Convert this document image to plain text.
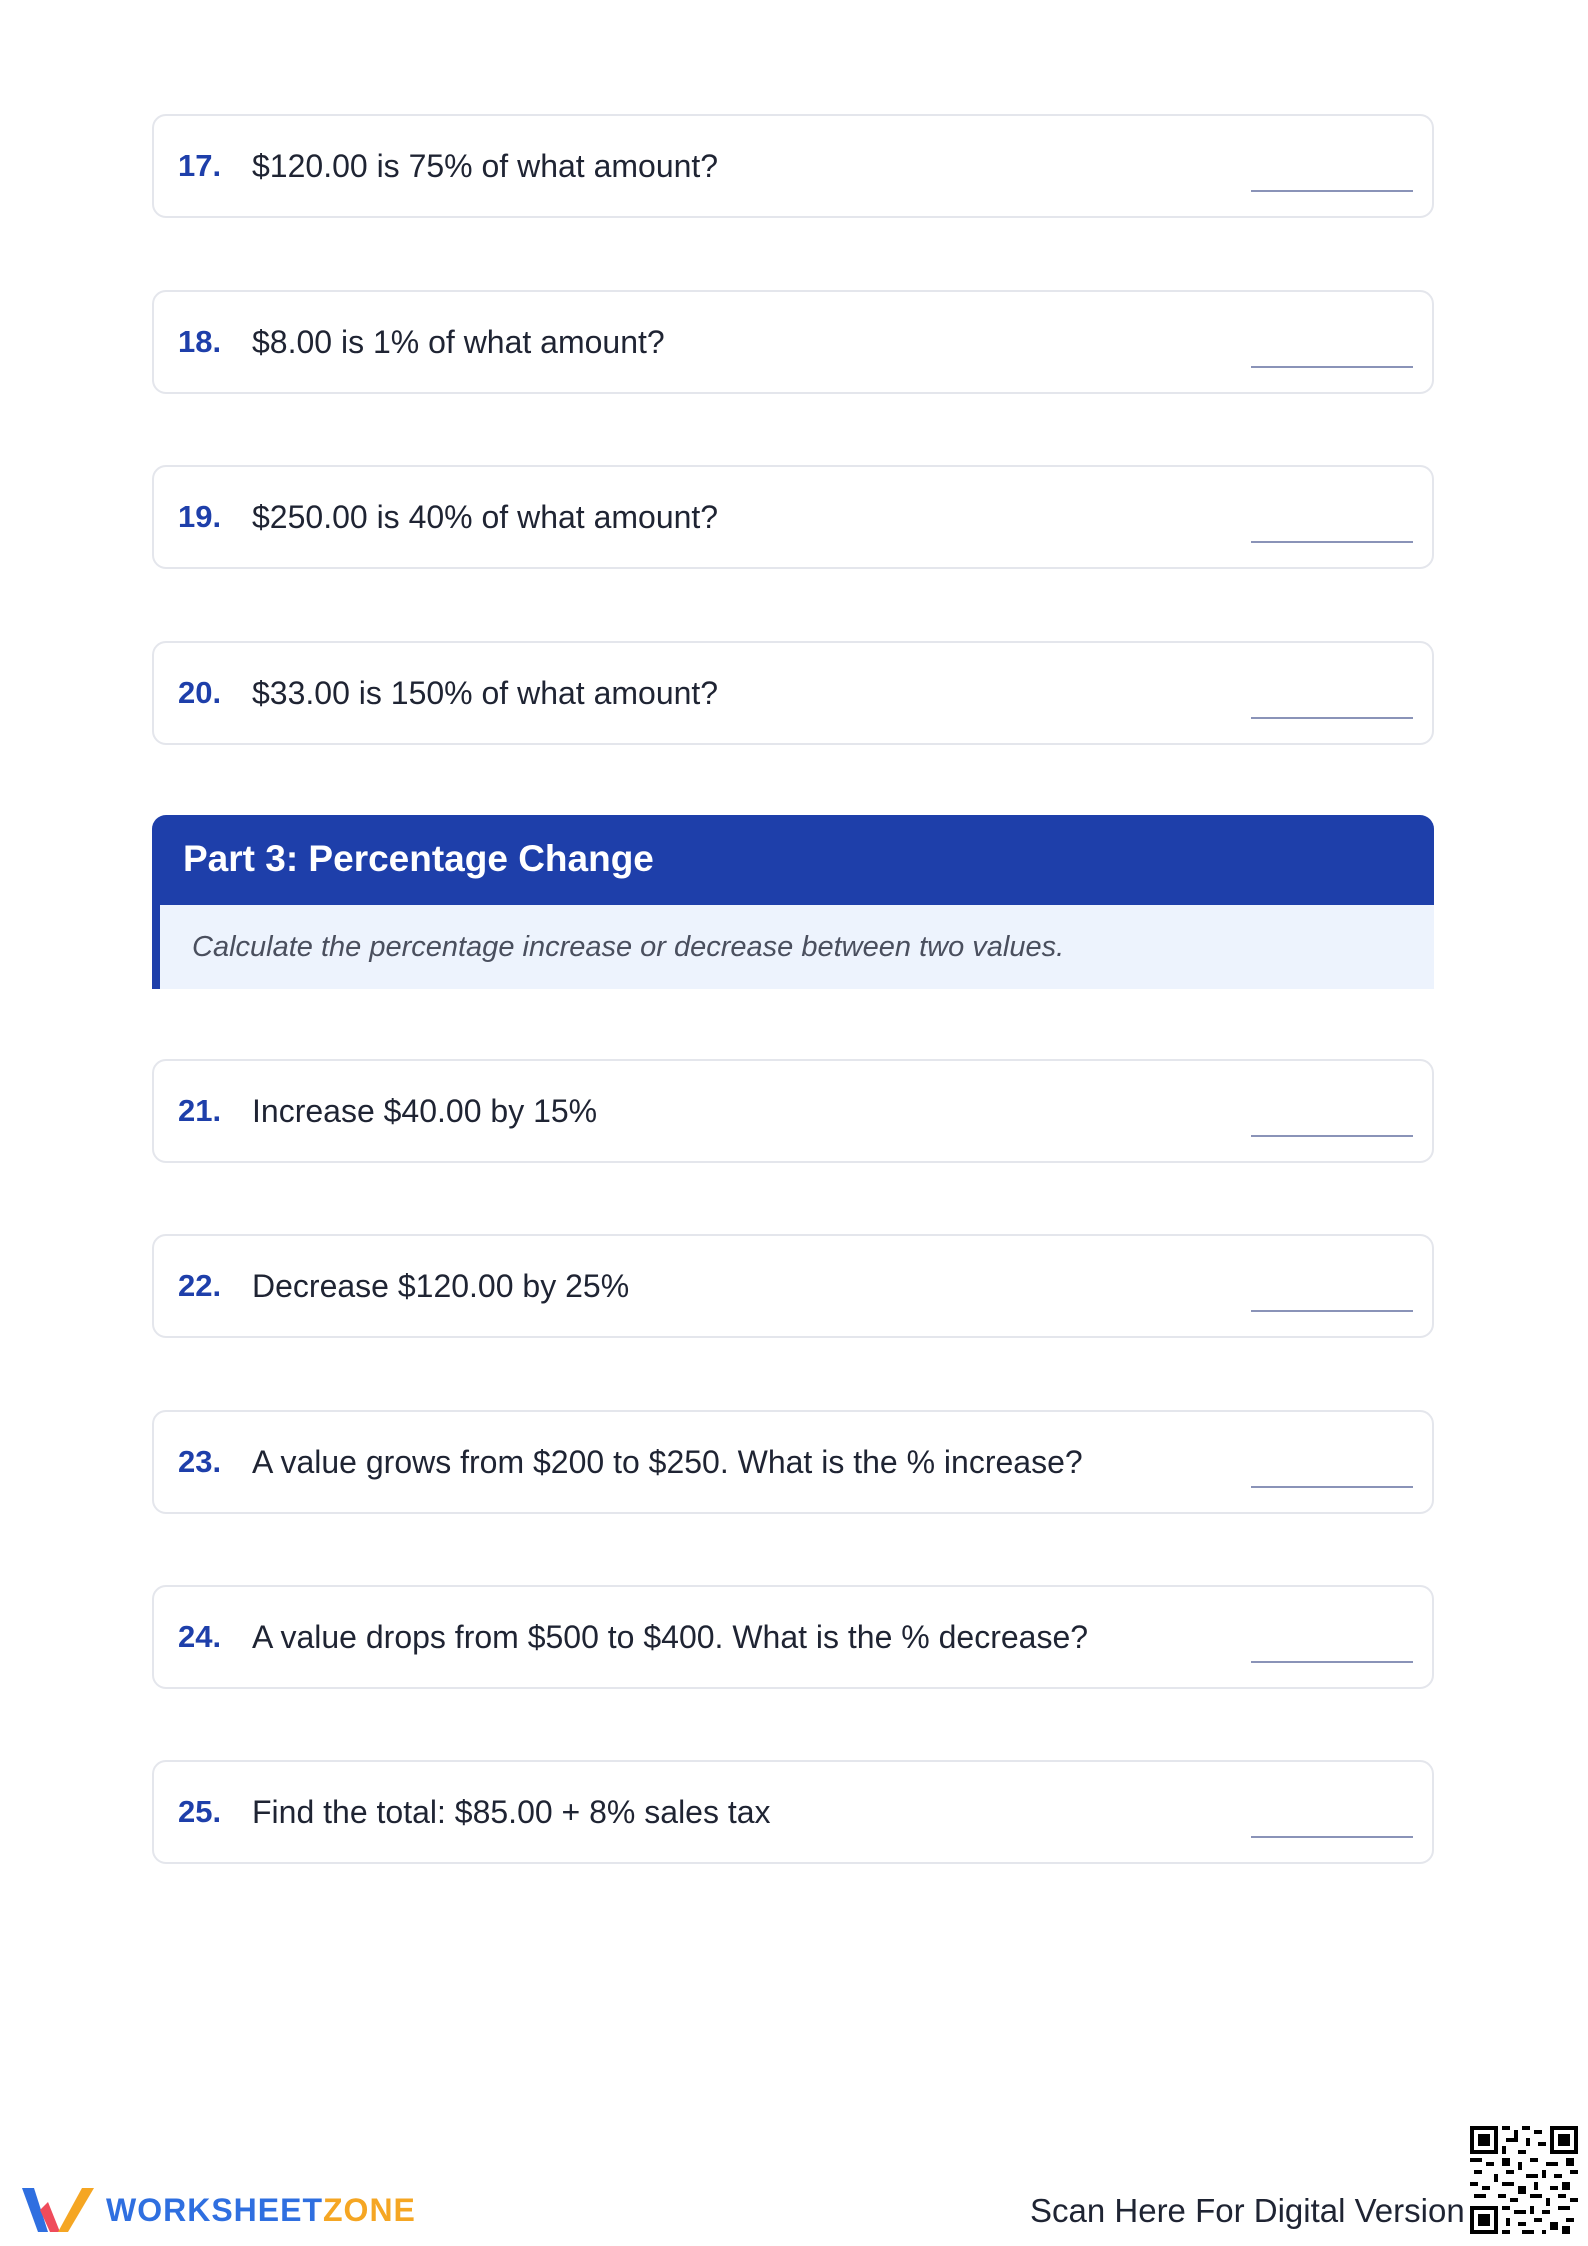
17. $120.00 is 75% of what amount?
18. $8.00 is 1% of what amount?
19. $250.00 is 40% of what amount?
20. $33.00 is 150% of what amount?
Part 3: Percentage Change
Calculate the percentage increase or decrease between two values.
21. Increase $40.00 by 15%
22. Decrease $120.00 by 25%
23. A value grows from $200 to $250. What is the % increase?
24. A value drops from $500 to $400. What is the % decrease?
25. Find the total: $85.00 + 8% sales tax
WORKSHEETZONE	Scan Here For Digital Version
